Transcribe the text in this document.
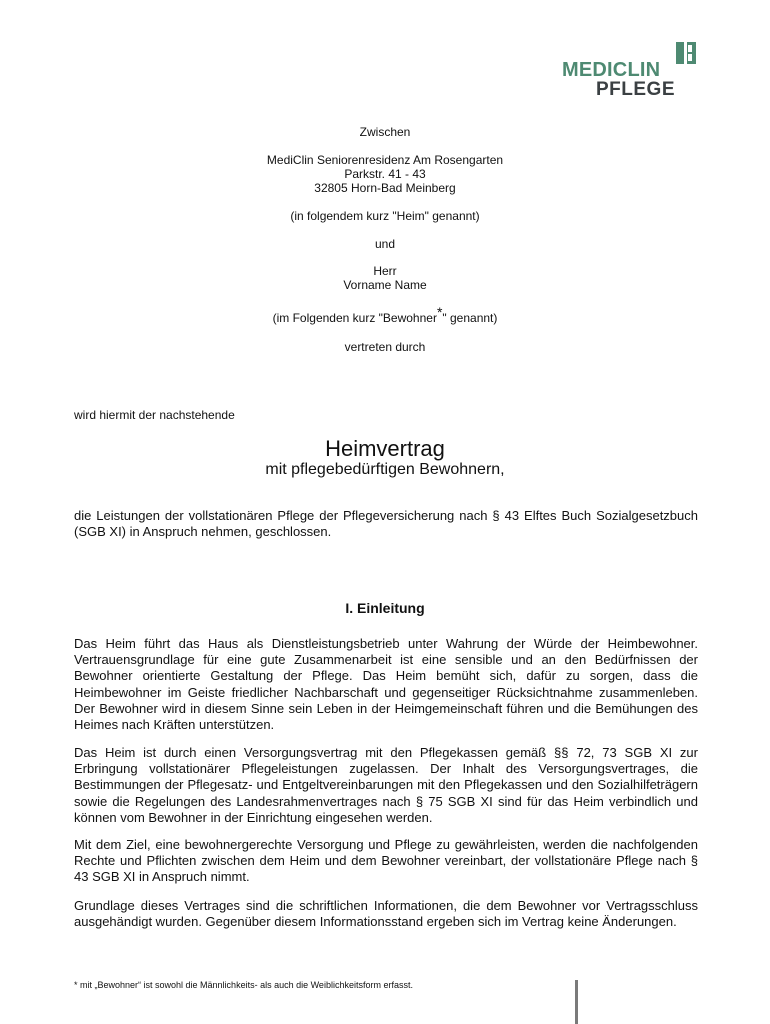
MEDICLIN
PFLEGE
Zwischen
MediClin Seniorenresidenz Am Rosengarten
Parkstr. 41 - 43
32805 Horn-Bad Meinberg
(in folgendem kurz "Heim" genannt)
und
Herr
Vorname Name
(im Folgenden kurz "Bewohner*" genannt)
vertreten durch
wird hiermit der nachstehende
Heimvertrag
mit pflegebedürftigen Bewohnern,
die Leistungen der vollstationären Pflege der Pflegeversicherung nach § 43 Elftes Buch Sozialgesetzbuch (SGB XI) in Anspruch nehmen, geschlossen.
I. Einleitung
Das Heim führt das Haus als Dienstleistungsbetrieb unter Wahrung der Würde der Heimbewohner. Vertrauensgrundlage für eine gute Zusammenarbeit ist eine sensible und an den Bedürfnissen der Bewohner orientierte Gestaltung der Pflege. Das Heim bemüht sich, dafür zu sorgen, dass die Heimbewohner im Geiste friedlicher Nachbarschaft und gegenseitiger Rücksichtnahme zusammenleben. Der Bewohner wird in diesem Sinne sein Leben in der Heimgemeinschaft führen und die Bemühungen des Heimes nach Kräften unterstützen.
Das Heim ist durch einen Versorgungsvertrag mit den Pflegekassen gemäß §§ 72, 73 SGB XI zur Erbringung vollstationärer Pflegeleistungen zugelassen. Der Inhalt des Versorgungsvertrages, die Bestimmungen der Pflegesatz- und Entgeltvereinbarungen mit den Pflegekassen und den Sozialhilfeträgern sowie die Regelungen des Landesrahmenvertrages nach § 75 SGB XI sind für das Heim verbindlich und können vom Bewohner in der Einrichtung eingesehen werden.
Mit dem Ziel, eine bewohnergerechte Versorgung und Pflege zu gewährleisten, werden die nachfolgenden Rechte und Pflichten zwischen dem Heim und dem Bewohner vereinbart, der vollstationäre Pflege nach § 43 SGB XI in Anspruch nimmt.
Grundlage dieses Vertrages sind die schriftlichen Informationen, die dem Bewohner vor Vertragsschluss ausgehändigt wurden. Gegenüber diesem Informationsstand ergeben sich im Vertrag keine Änderungen.
* mit „Bewohner“ ist sowohl die Männlichkeits- als auch die Weiblichkeitsform erfasst.
